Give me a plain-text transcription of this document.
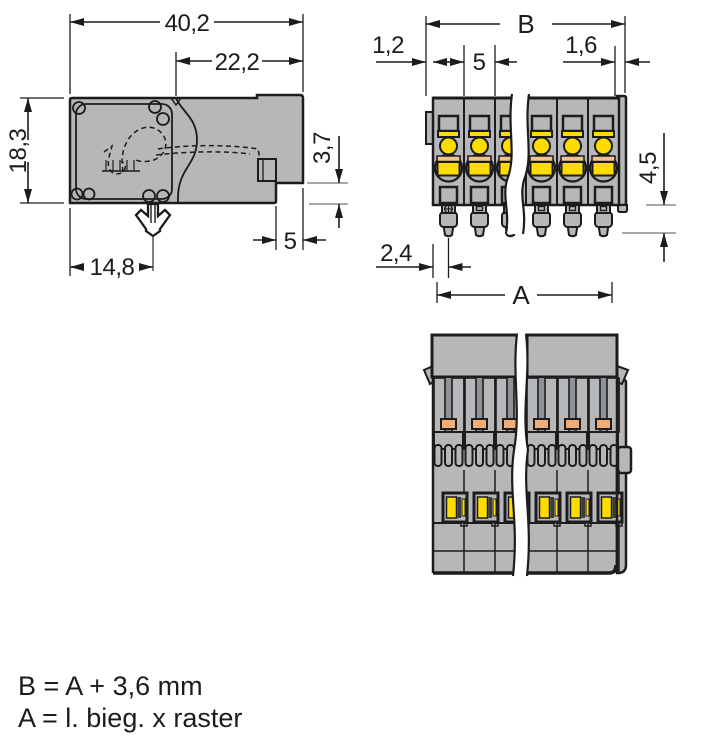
40,2
22,2
18,3	3,7
5
14,8
B
1,2
5
1,6
4,5
2,4
A
B = A + 3,6 mm
A = l. bieg. x raster
